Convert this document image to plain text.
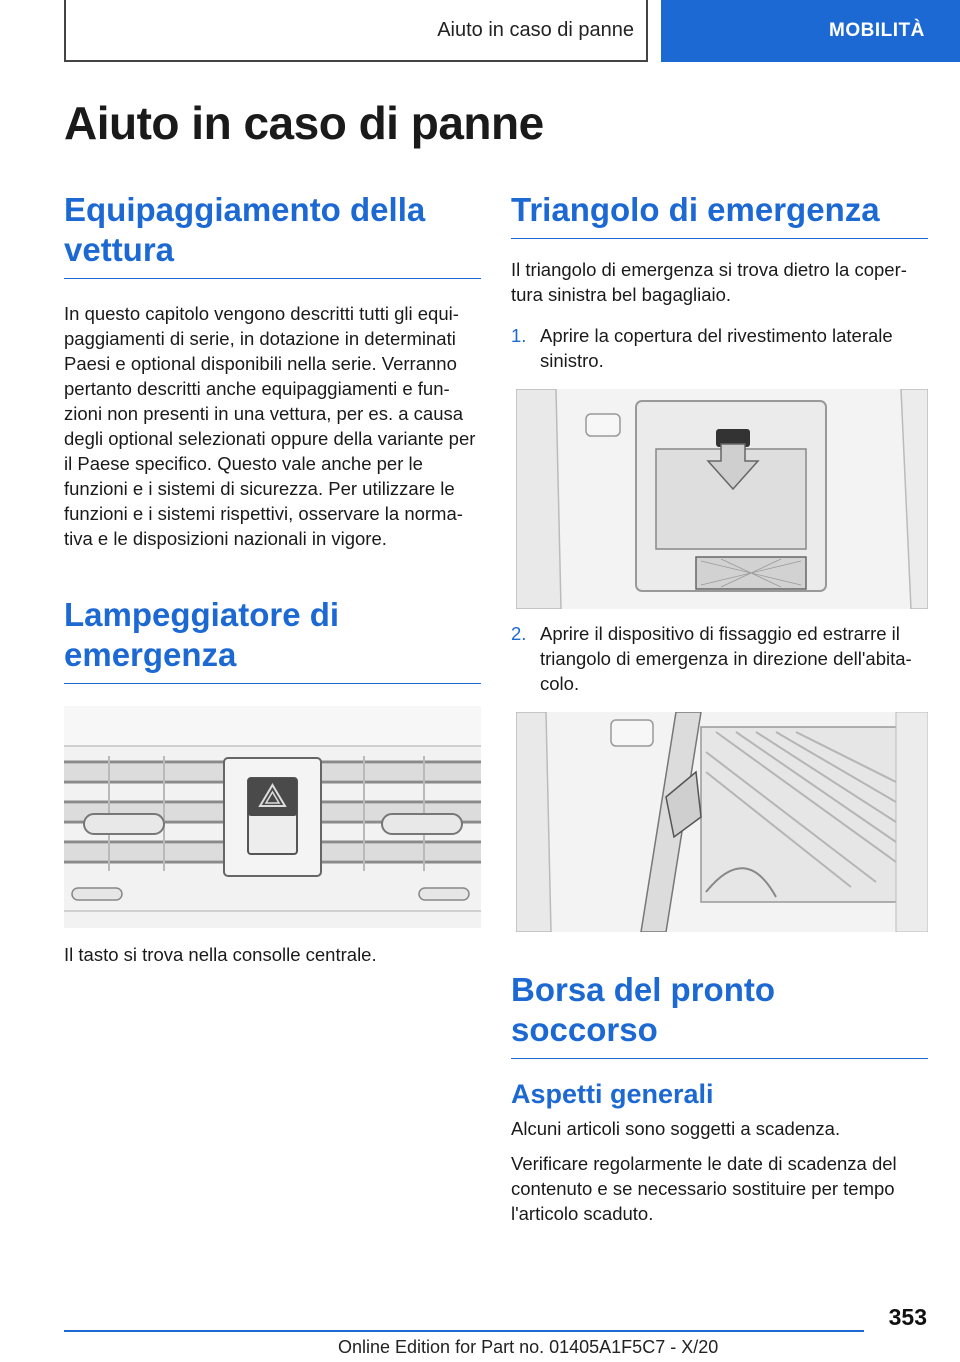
Aiuto in caso di panne	MOBILITÀ
Aiuto in caso di panne
Equipaggiamento della vettura

In questo capitolo vengono descritti tutti gli equipaggiamenti di serie, in dotazione in determinati Paesi e optional disponibili nella serie. Verranno pertanto descritti anche equipaggiamenti e funzioni non presenti in una vettura, per es. a causa degli optional selezionati oppure della variante per il Paese specifico. Questo vale anche per le funzioni e i sistemi di sicurezza. Per utilizzare le funzioni e i sistemi rispettivi, osservare la normativa e le disposizioni nazionali in vigore.

Lampeggiatore di emergenza

Il tasto si trova nella consolle centrale.

Triangolo di emergenza

Il triangolo di emergenza si trova dietro la copertura sinistra bel bagagliaio.

1. Aprire la copertura del rivestimento laterale sinistro.
2. Aprire il dispositivo di fissaggio ed estrarre il triangolo di emergenza in direzione dell'abitacolo.
Borsa del pronto soccorso
Aspetti generali

Alcuni articoli sono soggetti a scadenza.

Verificare regolarmente le date di scadenza del contenuto e se necessario sostituire per tempo l'articolo scaduto.

353
Online Edition for Part no. 01405A1F5C7 - X/20
